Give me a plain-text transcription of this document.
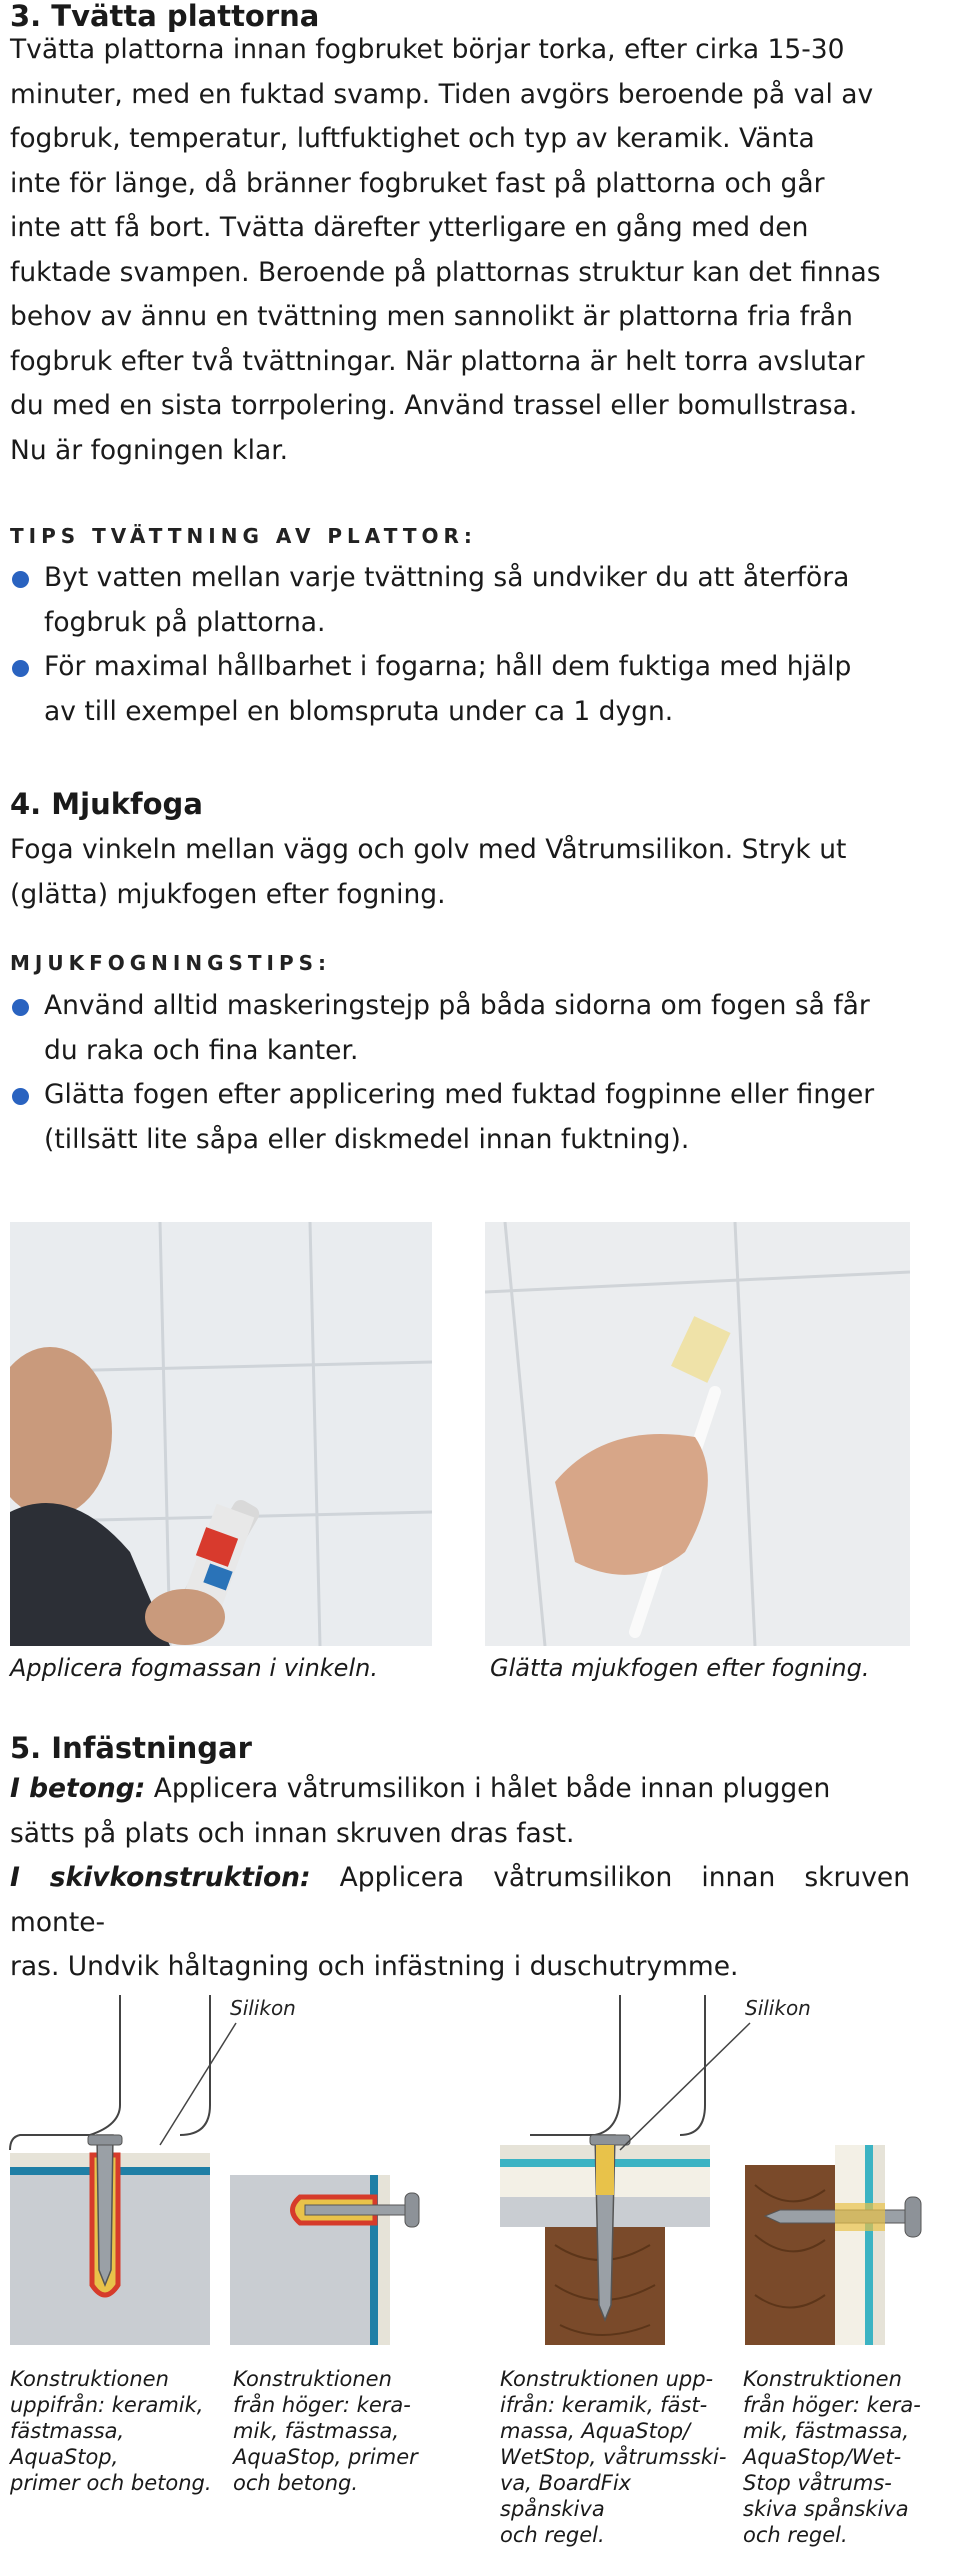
3. Tvätta plattorna
Tvätta plattorna innan fogbruket börjar torka, efter cirka 15-30
minuter, med en fuktad svamp. Tiden avgörs beroende på val av
fogbruk, temperatur, luftfuktighet och typ av keramik. Vänta
inte för länge, då bränner fogbruket fast på plattorna och går
inte att få bort. Tvätta därefter ytterligare en gång med den
fuktade svampen. Beroende på plattornas struktur kan det finnas
behov av ännu en tvättning men sannolikt är plattorna fria från
fogbruk efter två tvättningar. När plattorna är helt torra avslutar
du med en sista torrpolering. Använd trassel eller bomullstrasa.
Nu är fogningen klar.
TIPS TVÄTTNING AV PLATTOR:
Byt vatten mellan varje tvättning så undviker du att återföra
fogbruk på plattorna.
För maximal hållbarhet i fogarna; håll dem fuktiga med hjälp
av till exempel en blomspruta under ca 1 dygn.
4. Mjukfoga
Foga vinkeln mellan vägg och golv med Våtrumsilikon. Stryk ut
(glätta) mjukfogen efter fogning.
MJUKFOGNINGSTIPS:
Använd alltid maskeringstejp på båda sidorna om fogen så får
du raka och fina kanter.
Glätta fogen efter applicering med fuktad fogpinne eller finger
(tillsätt lite såpa eller diskmedel innan fuktning).
Applicera fogmassan i vinkeln.	Glätta mjukfogen efter fogning.
5. Infästningar
I betong: Applicera våtrumsilikon i hålet både innan pluggen
sätts på plats och innan skruven dras fast.
I skivkonstruktion: Applicera våtrumsilikon innan skruven monte-
ras. Undvik håltagning och infästning i duschutrymme.
Silikon	Silikon
Konstruktionen
uppifrån: keramik,
fästmassa, AquaStop,
primer och betong.
Konstruktionen
från höger: kera-
mik, fästmassa,
AquaStop, primer
och betong.
Konstruktionen upp-
ifrån: keramik, fäst-
massa, AquaStop/
WetStop, våtrumsski-
va, BoardFix spånskiva
och regel.
Konstruktionen
från höger: kera-
mik, fästmassa,
AquaStop/Wet-
Stop våtrums-
skiva spånskiva
och regel.
